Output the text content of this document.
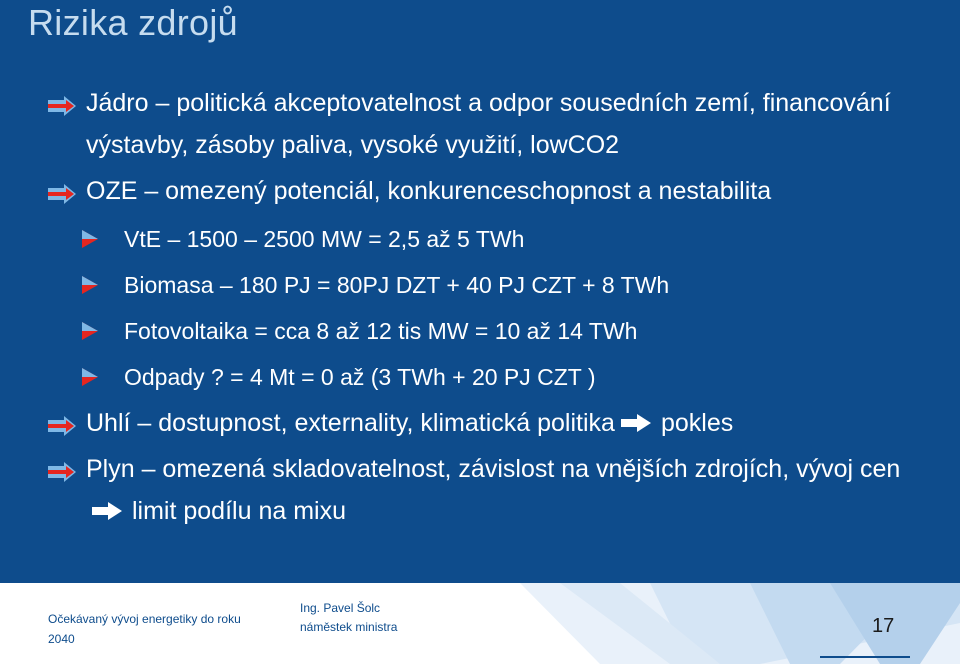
Rizika zdrojů
Jádro – politická akceptovatelnost a odpor sousedních zemí, financování výstavby, zásoby paliva, vysoké využití, lowCO2
OZE – omezený potenciál, konkurenceschopnost a nestabilita
VtE – 1500 – 2500 MW = 2,5 až 5 TWh
Biomasa – 180 PJ = 80PJ DZT + 40 PJ CZT + 8 TWh
Fotovoltaika = cca 8 až 12 tis MW = 10 až 14 TWh
Odpady ? = 4 Mt = 0 až (3 TWh + 20 PJ CZT )
Uhlí – dostupnost, externality, klimatická politika pokles
Plyn – omezená skladovatelnost, závislost na vnějších zdrojích, vývoj cenlimit podílu na mixu
Očekávaný vývoj energetiky do roku 2040
Ing. Pavel Šolc
náměstek ministra	17
